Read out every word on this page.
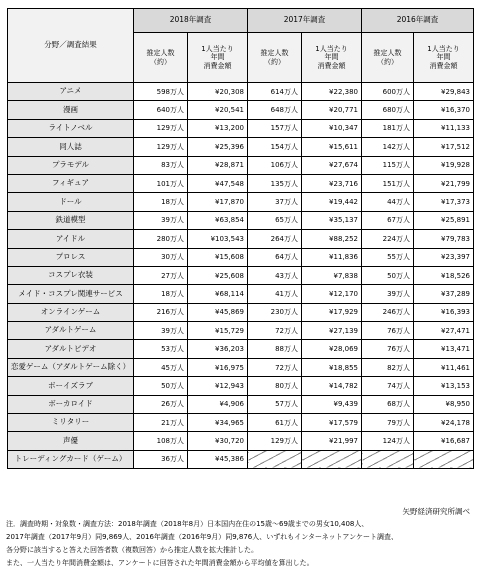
分野／調査結果	2018年調査		2017年調査		2016年調査	
	推定人数
（約）	1人当たり
年間
消費金額	推定人数
（約）	1人当たり
年間
消費金額	推定人数
（約）	1人当たり
年間
消費金額
アニメ	598万人	¥20,308	614万人	¥22,380	600万人	¥29,843
漫画	640万人	¥20,541	648万人	¥20,771	680万人	¥16,370
ライトノベル	129万人	¥13,200	157万人	¥10,347	181万人	¥11,133
同人誌	129万人	¥25,396	154万人	¥15,611	142万人	¥17,512
プラモデル	83万人	¥28,871	106万人	¥27,674	115万人	¥19,928
フィギュア	101万人	¥47,548	135万人	¥23,716	151万人	¥21,799
ドール	18万人	¥17,870	37万人	¥19,442	44万人	¥17,373
鉄道模型	39万人	¥63,854	65万人	¥35,137	67万人	¥25,891
アイドル	280万人	¥103,543	264万人	¥88,252	224万人	¥79,783
プロレス	30万人	¥15,608	64万人	¥11,836	55万人	¥23,397
コスプレ衣装	27万人	¥25,608	43万人	¥7,838	50万人	¥18,526
メイド・コスプレ関連サービス	18万人	¥68,114	41万人	¥12,170	39万人	¥37,289
オンラインゲーム	216万人	¥45,869	230万人	¥17,929	246万人	¥16,393
アダルトゲーム	39万人	¥15,729	72万人	¥27,139	76万人	¥27,471
アダルトビデオ	53万人	¥36,203	88万人	¥28,069	76万人	¥13,471
恋愛ゲーム（アダルトゲーム除く）	45万人	¥16,975	72万人	¥18,855	82万人	¥11,461
ボーイズラブ	50万人	¥12,943	80万人	¥14,782	74万人	¥13,153
ボーカロイド	26万人	¥4,906	57万人	¥9,439	68万人	¥8,950
ミリタリー	21万人	¥34,965	61万人	¥17,579	79万人	¥24,178
声優	108万人	¥30,720	129万人	¥21,997	124万人	¥16,687
トレーディングカード（ゲーム）	36万人	¥45,386				
矢野経済研究所調べ
注．調査時期・対象数・調査方法：2018年調査（2018年8月）日本国内在住の15歳～69歳までの男女10,408人、
2017年調査（2017年9月）同9,869人、2016年調査（2016年9月）同9,876人、いずれもインターネットアンケート調査、
各分野に該当すると答えた回答者数（複数回答）から推定人数を拡大推計した。
また、一人当たり年間消費金額は、アンケートに回答された年間消費金額から平均値を算出した。
